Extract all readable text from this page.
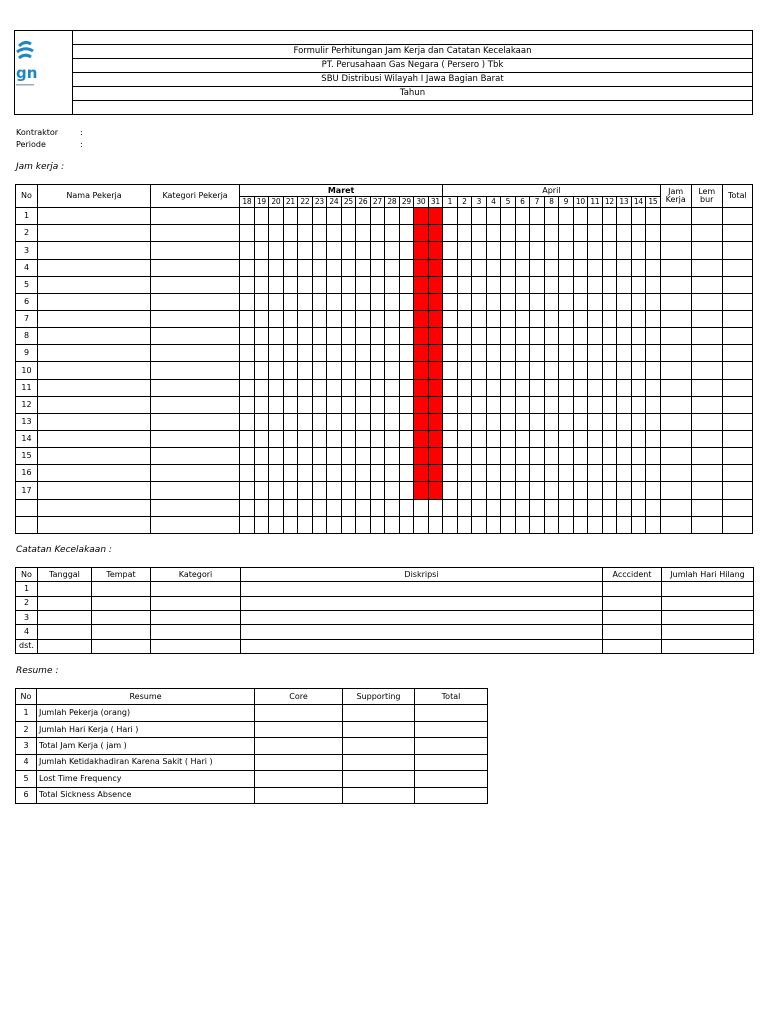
gn

Formulir Perhitungan Jam Kerja dan Catatan Kecelakaan
PT. Perusahaan Gas Negara ( Persero ) Tbk
SBU Distribusi Wilayah I Jawa Bagian Barat
Tahun

Kontraktor	:
Periode	:
Jam kerja :
No	Nama Pekerja	Kategori Pekerja	Maret														April															Jam Kerja	Lem bur	Total
			18	19	20	21	22	23	24	25	26	27	28	29	30	31	1	2	3	4	5	6	7	8	9	10	11	12	13	14	15			
1																																		
2																																		
3																																		
4																																		
5																																		
6																																		
7																																		
8																																		
9																																		
10																																		
11																																		
12																																		
13																																		
14																																		
15																																		
16																																		
17																																		

Catatan Kecelakaan :
No	Tanggal	Tempat	Kategori	Diskripsi	Acccident	Jumlah Hari Hilang
1						
2						
3						
4						
dst.						
Resume :
No	Resume	Core	Supporting	Total
1	Jumlah Pekerja (orang)			
2	Jumlah Hari Kerja ( Hari )			
3	Total Jam Kerja ( jam )			
4	Jumlah Ketidakhadiran Karena Sakit ( Hari )			
5	Lost Time Frequency			
6	Total Sickness Absence			
